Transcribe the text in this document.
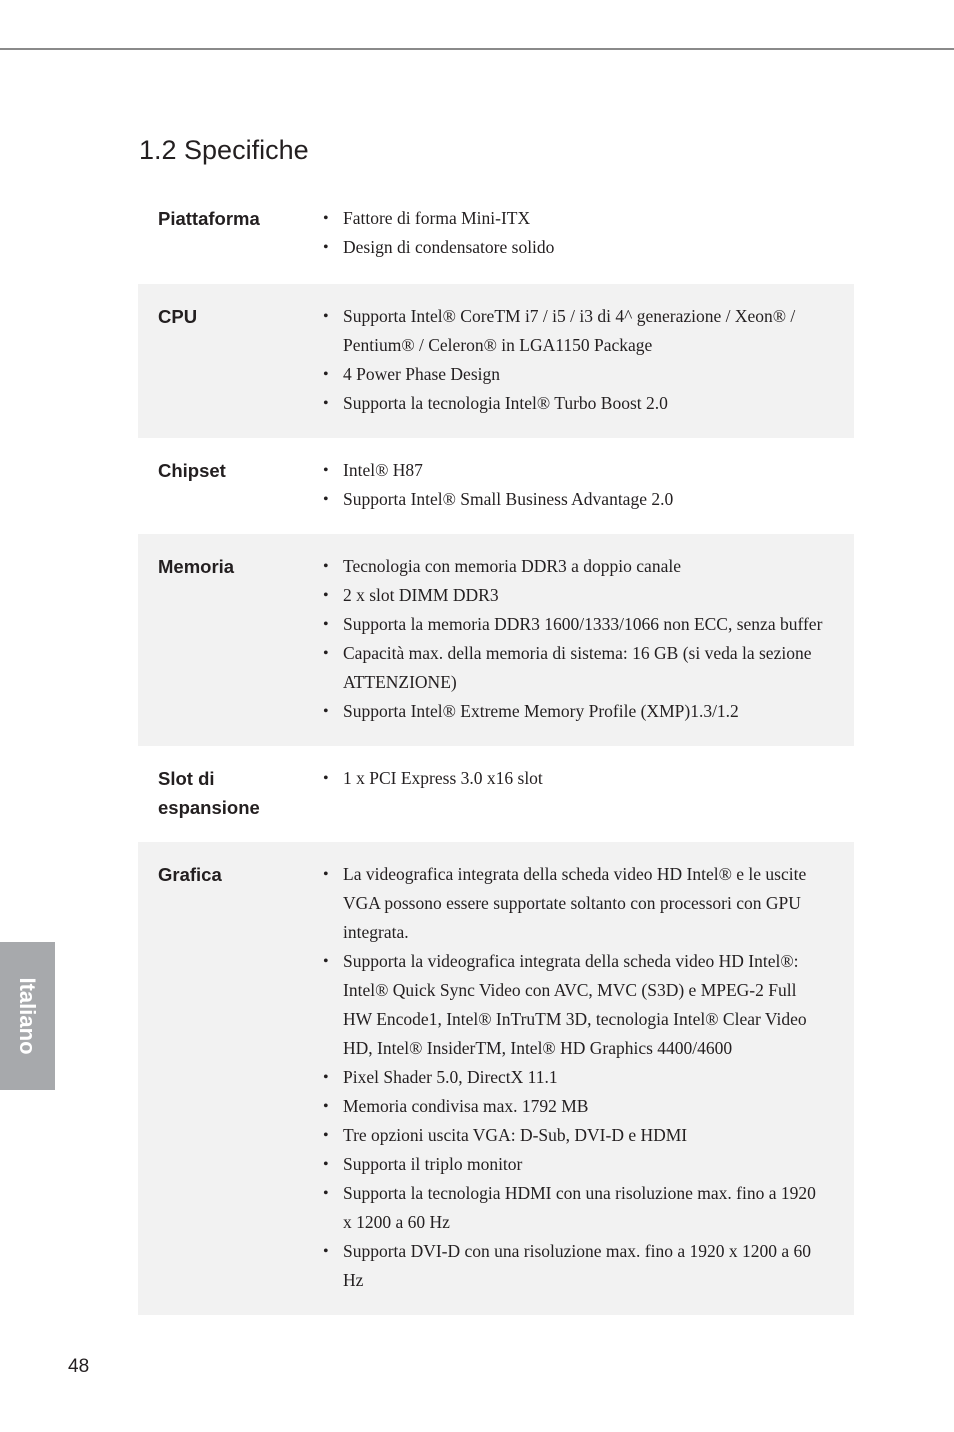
1.2 Specifiche
Piattaforma	• Fattore di forma Mini-ITX
• Design di condensatore solido
CPU	• Supporta Intel® CoreTM i7 / i5 / i3 di 4^ generazione / Xeon® / Pentium® / Celeron® in LGA1150 Package
• 4 Power Phase Design
• Supporta la tecnologia Intel® Turbo Boost 2.0
Chipset	• Intel® H87
• Supporta Intel® Small Business Advantage 2.0
Memoria	• Tecnologia con memoria DDR3 a doppio canale
• 2 x slot DIMM DDR3
• Supporta la memoria DDR3 1600/1333/1066 non ECC, senza buffer
• Capacità max. della memoria di sistema: 16 GB (si veda la sezione ATTENZIONE)
• Supporta Intel® Extreme Memory Profile (XMP)1.3/1.2
Slot di
espansione
• 1 x PCI Express 3.0 x16 slot
Grafica	• La videografica integrata della scheda video HD Intel® e le uscite VGA possono essere supportate soltanto con processori con GPU integrata.
• Supporta la videografica integrata della scheda video HD Intel®: Intel® Quick Sync Video con AVC, MVC (S3D) e MPEG-2 Full HW Encode1, Intel® InTruTM 3D, tecnologia Intel® Clear Video HD, Intel® InsiderTM, Intel® HD Graphics 4400/4600
• Pixel Shader 5.0, DirectX 11.1
• Memoria condivisa max. 1792 MB
• Tre opzioni uscita VGA: D-Sub, DVI-D e HDMI
• Supporta il triplo monitor
• Supporta la tecnologia HDMI con una risoluzione max. fino a 1920 x 1200 a 60 Hz
• Supporta DVI-D con una risoluzione max. fino a 1920 x 1200 a 60 Hz
Italiano
48
